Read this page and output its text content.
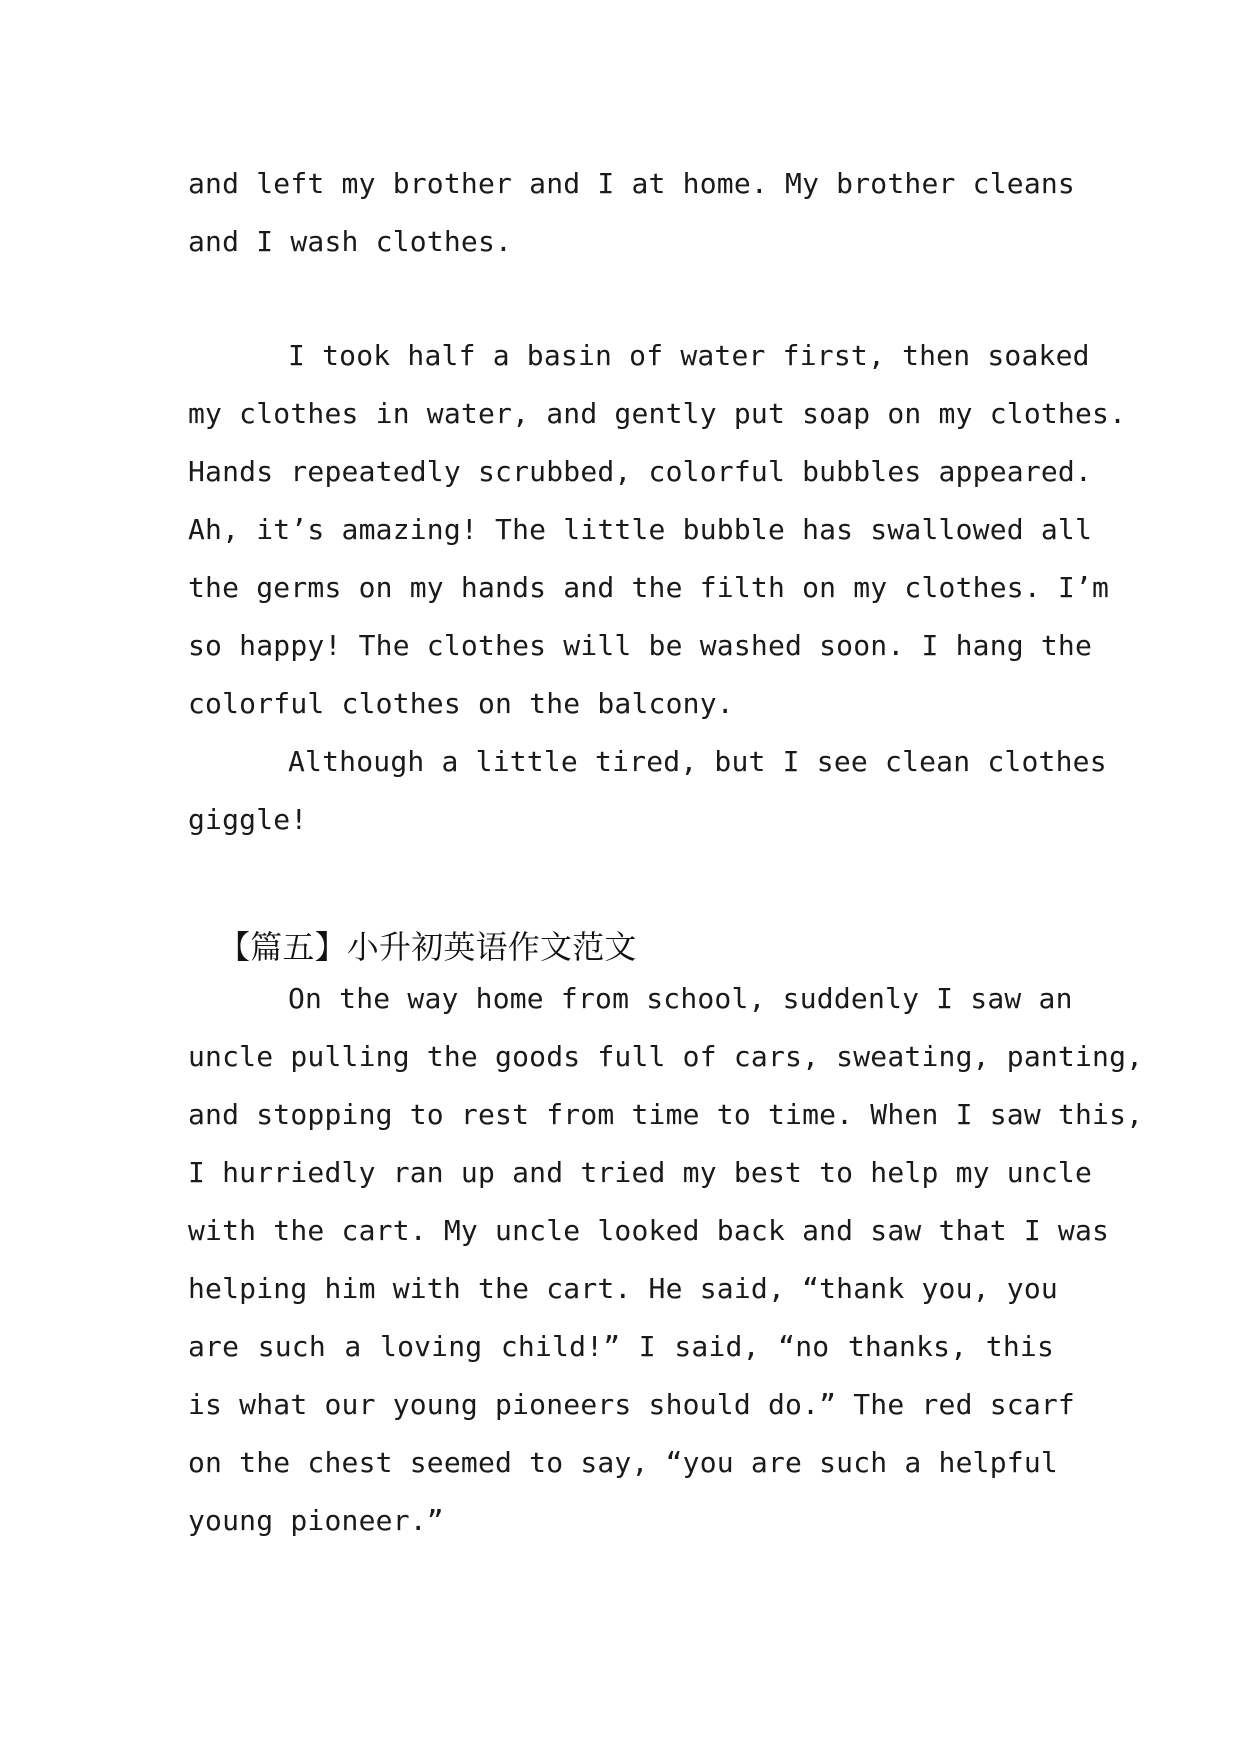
and left my brother and I at home. My brother cleans
and I wash clothes.
I took half a basin of water first, then soaked
my clothes in water, and gently put soap on my clothes.
Hands repeatedly scrubbed, colorful bubbles appeared.
Ah, it’s amazing! The little bubble has swallowed all
the germs on my hands and the filth on my clothes. I’m
so happy! The clothes will be washed soon. I hang the
colorful clothes on the balcony.
Although a little tired, but I see clean clothes
giggle!
【篇五】小升初英语作文范文
On the way home from school, suddenly I saw an
uncle pulling the goods full of cars, sweating, panting,
and stopping to rest from time to time. When I saw this,
I hurriedly ran up and tried my best to help my uncle
with the cart. My uncle looked back and saw that I was
helping him with the cart. He said, “thank you, you
are such a loving child!” I said, “no thanks, this
is what our young pioneers should do.” The red scarf
on the chest seemed to say, “you are such a helpful
young pioneer.”
